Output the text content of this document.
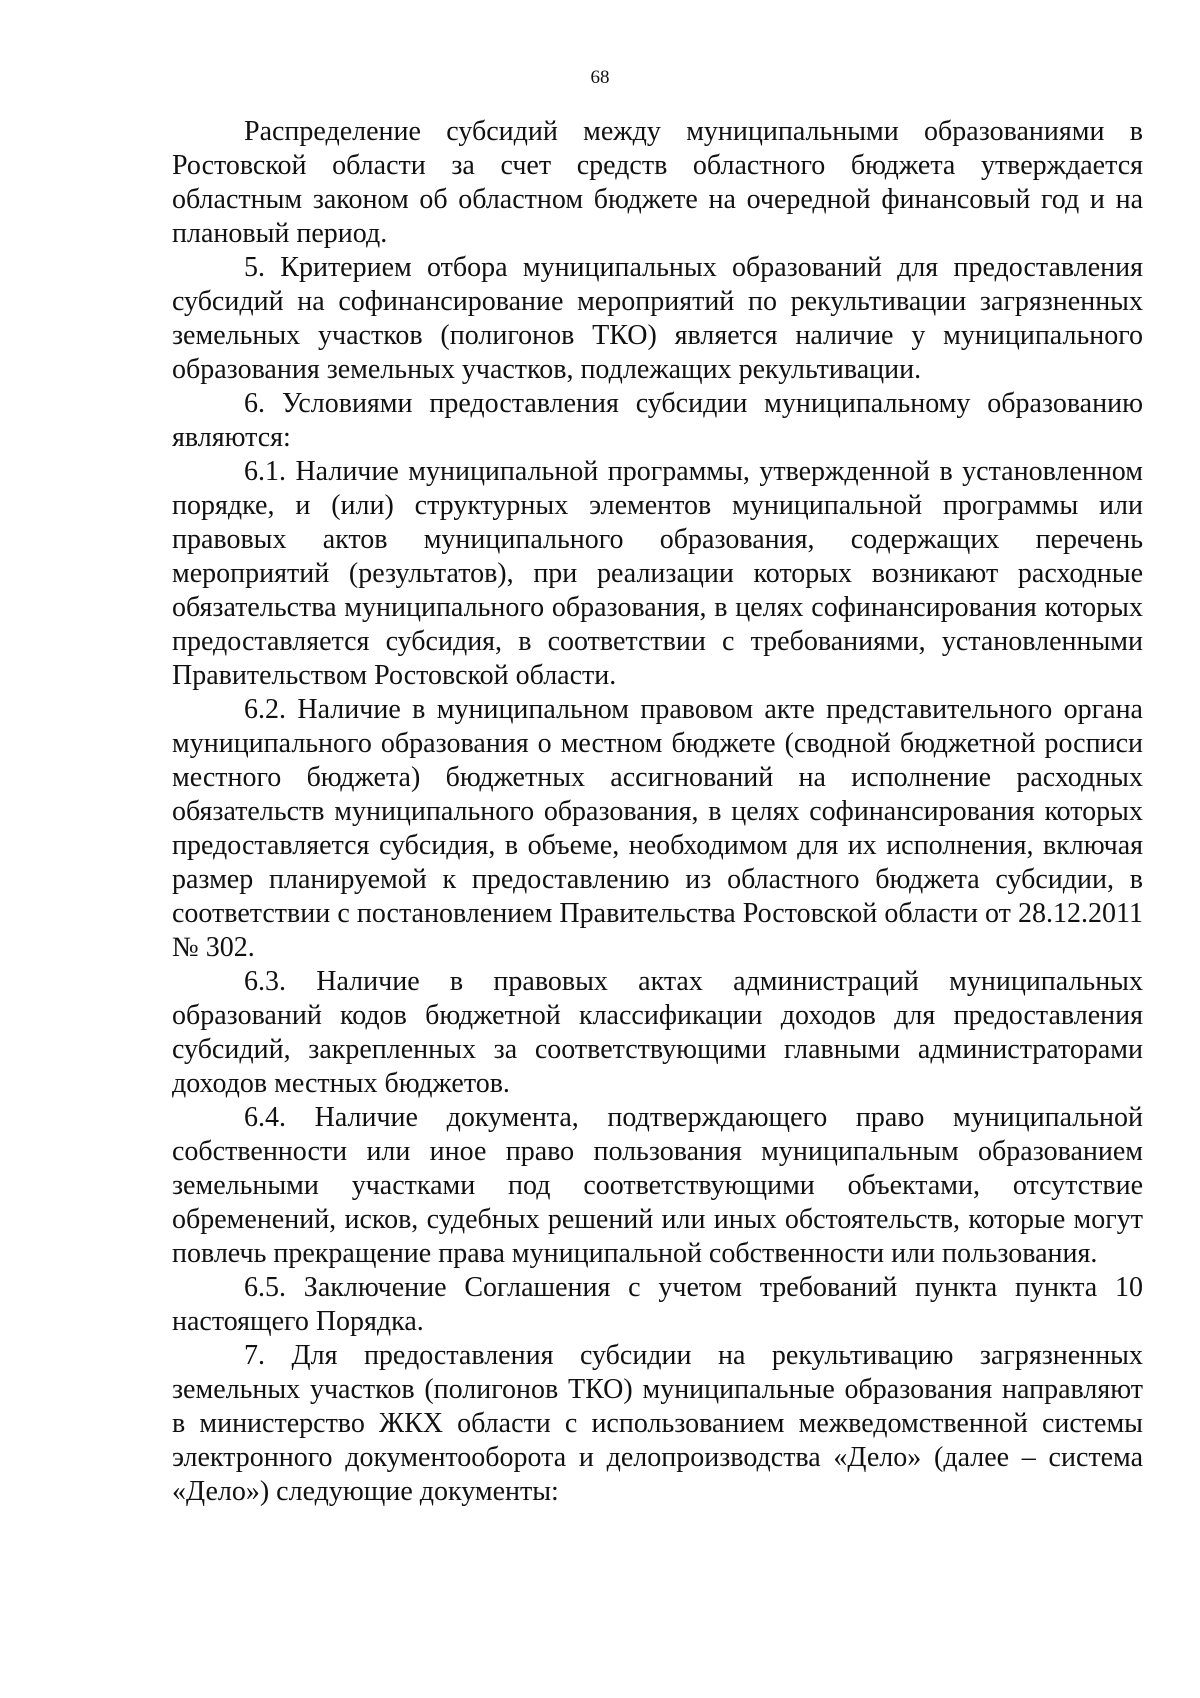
68

Распределение субсидий между муниципальными образованиями в Ростовской области за счет средств областного бюджета утверждается областным законом об областном бюджете на очередной финансовый год и на плановый период.

5. Критерием отбора муниципальных образований для предоставления субсидий на софинансирование мероприятий по рекультивации загрязненных земельных участков (полигонов ТКО) является наличие у муниципального образования земельных участков, подлежащих рекультивации.

6. Условиями предоставления субсидии муниципальному образованию являются:

6.1. Наличие муниципальной программы, утвержденной в установленном порядке, и (или) структурных элементов муниципальной программы или правовых актов муниципального образования, содержащих перечень мероприятий (результатов), при реализации которых возникают расходные обязательства муниципального образования, в целях софинансирования которых предоставляется субсидия, в соответствии с требованиями, установленными Правительством Ростовской области.

6.2. Наличие в муниципальном правовом акте представительного органа муниципального образования о местном бюджете (сводной бюджетной росписи местного бюджета) бюджетных ассигнований на исполнение расходных обязательств муниципального образования, в целях софинансирования которых предоставляется субсидия, в объеме, необходимом для их исполнения, включая размер планируемой к предоставлению из областного бюджета субсидии, в соответствии с постановлением Правительства Ростовской области от 28.12.2011 № 302.

6.3. Наличие в правовых актах администраций муниципальных образований кодов бюджетной классификации доходов для предоставления субсидий, закрепленных за соответствующими главными администраторами доходов местных бюджетов.

6.4. Наличие документа, подтверждающего право муниципальной собственности или иное право пользования муниципальным образованием земельными участками под соответствующими объектами, отсутствие обременений, исков, судебных решений или иных обстоятельств, которые могут повлечь прекращение права муниципальной собственности или пользования.

6.5. Заключение Соглашения с учетом требований пункта пункта 10 настоящего Порядка.

7. Для предоставления субсидии на рекультивацию загрязненных земельных участков (полигонов ТКО) муниципальные образования направляют в министерство ЖКХ области с использованием межведомственной системы электронного документооборота и делопроизводства «Дело» (далее – система «Дело») следующие документы:
